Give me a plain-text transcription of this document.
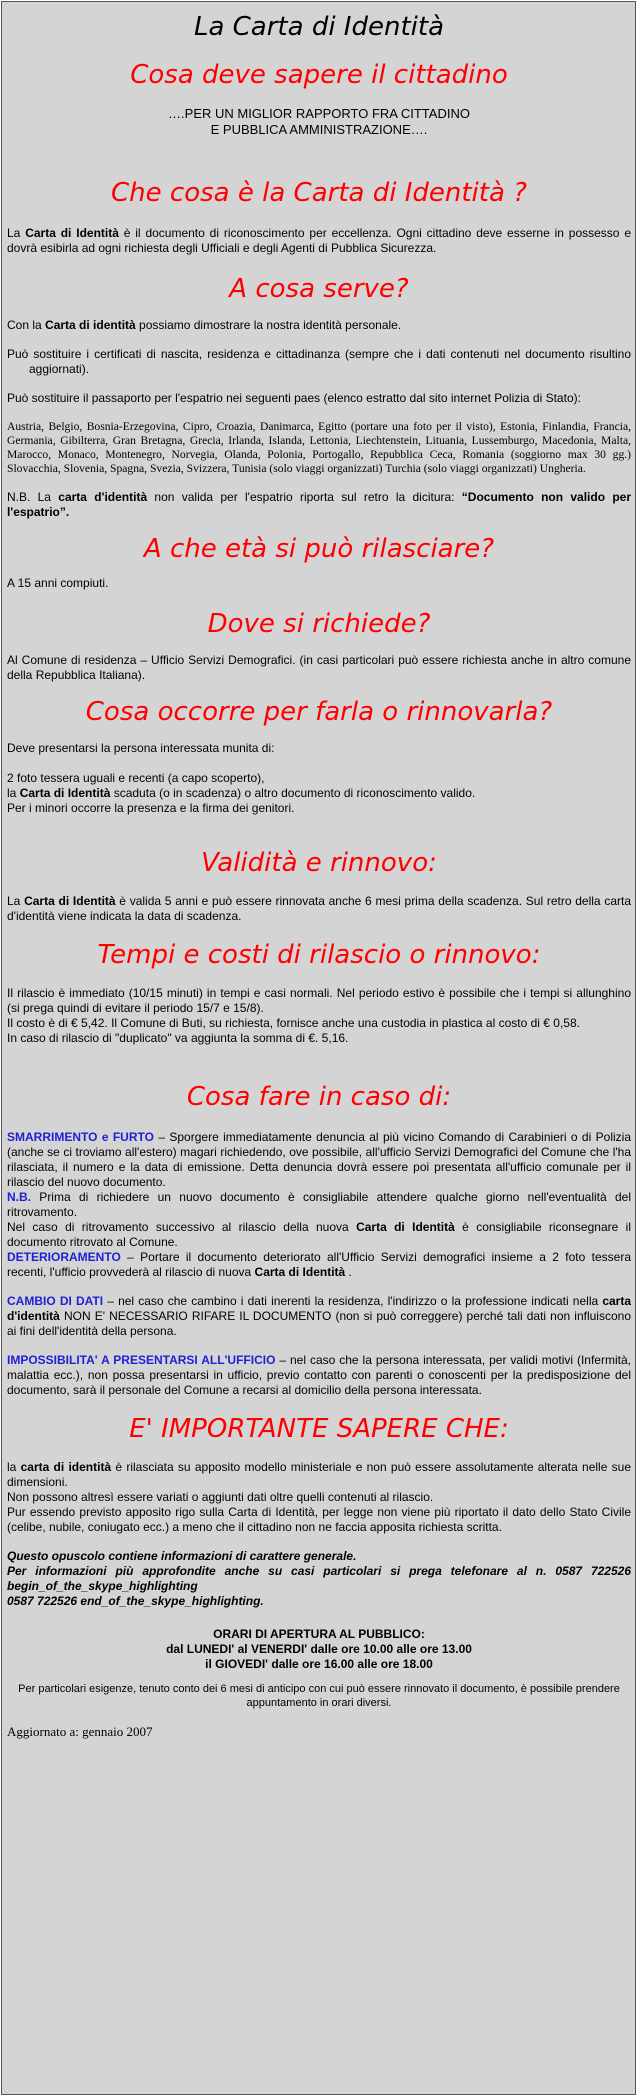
La Carta di Identità
Cosa deve sapere il cittadino
….PER UN MIGLIOR RAPPORTO FRA CITTADINO
E PUBBLICA AMMINISTRAZIONE….
Che cosa è la Carta di Identità ?

La Carta di Identità è il documento di riconoscimento per eccellenza. Ogni cittadino deve esserne in possesso e dovrà esibirla ad ogni richiesta degli Ufficiali e degli Agenti di Pubblica Sicurezza.

A cosa serve?

Con la Carta di identità possiamo dimostrare la nostra identità personale.

Può sostituire i certificati di nascita, residenza e cittadinanza (sempre che i dati contenuti nel documento risultino aggiornati).

Può sostituire il passaporto per l'espatrio nei seguenti paes (elenco estratto dal sito internet Polizia di Stato):

Austria, Belgio, Bosnia-Erzegovina, Cipro, Croazia, Danimarca, Egitto (portare una foto per il visto), Estonia, Finlandia, Francia, Germania, Gibilterra, Gran Bretagna, Grecia, Irlanda, Islanda, Lettonia, Liechtenstein, Lituania, Lussemburgo, Macedonia, Malta, Marocco, Monaco, Montenegro, Norvegia, Olanda, Polonia, Portogallo, Repubblica Ceca, Romania (soggiorno max 30 gg.) Slovacchia, Slovenia, Spagna, Svezia, Svizzera, Tunisia (solo viaggi organizzati) Turchia (solo viaggi organizzati) Ungheria.

N.B. La carta d'identità non valida per l'espatrio riporta sul retro la dicitura: “Documento non valido per l'espatrio”.

A che età si può rilasciare?

A 15 anni compiuti.

Dove si richiede?

Al Comune di residenza – Ufficio Servizi Demografici. (in casi particolari può essere richiesta anche in altro comune della Repubblica Italiana).

Cosa occorre per farla o rinnovarla?

Deve presentarsi la persona interessata munita di:

2 foto tessera uguali e recenti (a capo scoperto),

la Carta di Identità scaduta (o in scadenza) o altro documento di riconoscimento valido.

Per i minori occorre la presenza e la firma dei genitori.

Validità e rinnovo:

La Carta di Identità è valida 5 anni e può essere rinnovata anche 6 mesi prima della scadenza. Sul retro della carta d'identità viene indicata la data di scadenza.

Tempi e costi di rilascio o rinnovo:

Il rilascio è immediato (10/15 minuti) in tempi e casi normali. Nel periodo estivo è possibile che i tempi si allunghino (si prega quindi di evitare il periodo 15/7 e 15/8).

Il costo è di € 5,42. Il Comune di Buti, su richiesta, fornisce anche una custodia in plastica al costo di € 0,58.

In caso di rilascio di "duplicato" va aggiunta la somma di €. 5,16.

Cosa fare in caso di:

SMARRIMENTO e FURTO – Sporgere immediatamente denuncia al più vicino Comando di Carabinieri o di Polizia (anche se ci troviamo all'estero) magari richiedendo, ove possibile, all'ufficio Servizi Demografici del Comune che l'ha rilasciata, il numero e la data di emissione. Detta denuncia dovrà essere poi presentata all'ufficio comunale per il rilascio del nuovo documento.

N.B. Prima di richiedere un nuovo documento è consigliabile attendere qualche giorno nell'eventualità del ritrovamento.

Nel caso di ritrovamento successivo al rilascio della nuova Carta di Identità è consigliabile riconsegnare il documento ritrovato al Comune.

DETERIORAMENTO – Portare il documento deteriorato all'Ufficio Servizi demografici insieme a 2 foto tessera recenti, l'ufficio provvederà al rilascio di nuova Carta di Identità .

CAMBIO DI DATI – nel caso che cambino i dati inerenti la residenza, l'indirizzo o la professione indicati nella carta d'identità NON E' NECESSARIO RIFARE IL DOCUMENTO (non si può correggere) perché tali dati non influiscono ai fini dell'identità della persona.

IMPOSSIBILITA' A PRESENTARSI ALL'UFFICIO – nel caso che la persona interessata, per validi motivi (Infermità, malattia ecc.), non possa presentarsi in ufficio, previo contatto con parenti o conoscenti per la predisposizione del documento, sarà il personale del Comune a recarsi al domicilio della persona interessata.

E' IMPORTANTE SAPERE CHE:

la carta di identità è rilasciata su apposito modello ministeriale e non può essere assolutamente alterata nelle sue dimensioni.

Non possono altresì essere variati o aggiunti dati oltre quelli contenuti al rilascio.

Pur essendo previsto apposito rigo sulla Carta di Identità, per legge non viene più riportato il dato dello Stato Civile (celibe, nubile, coniugato ecc.) a meno che il cittadino non ne faccia apposita richiesta scritta.

Questo opuscolo contiene informazioni di carattere generale.

Per informazioni più approfondite anche su casi particolari si prega telefonare al n. 0587 722526 begin_of_the_skype_highlighting

0587 722526 end_of_the_skype_highlighting.

ORARI DI APERTURA AL PUBBLICO:
dal LUNEDI' al VENERDI' dalle ore 10.00 alle ore 13.00
il GIOVEDI' dalle ore 16.00 alle ore 18.00

Per particolari esigenze, tenuto conto dei 6 mesi di anticipo con cui può essere rinnovato il documento, è possibile prendere appuntamento in orari diversi.

Aggiornato a: gennaio 2007
